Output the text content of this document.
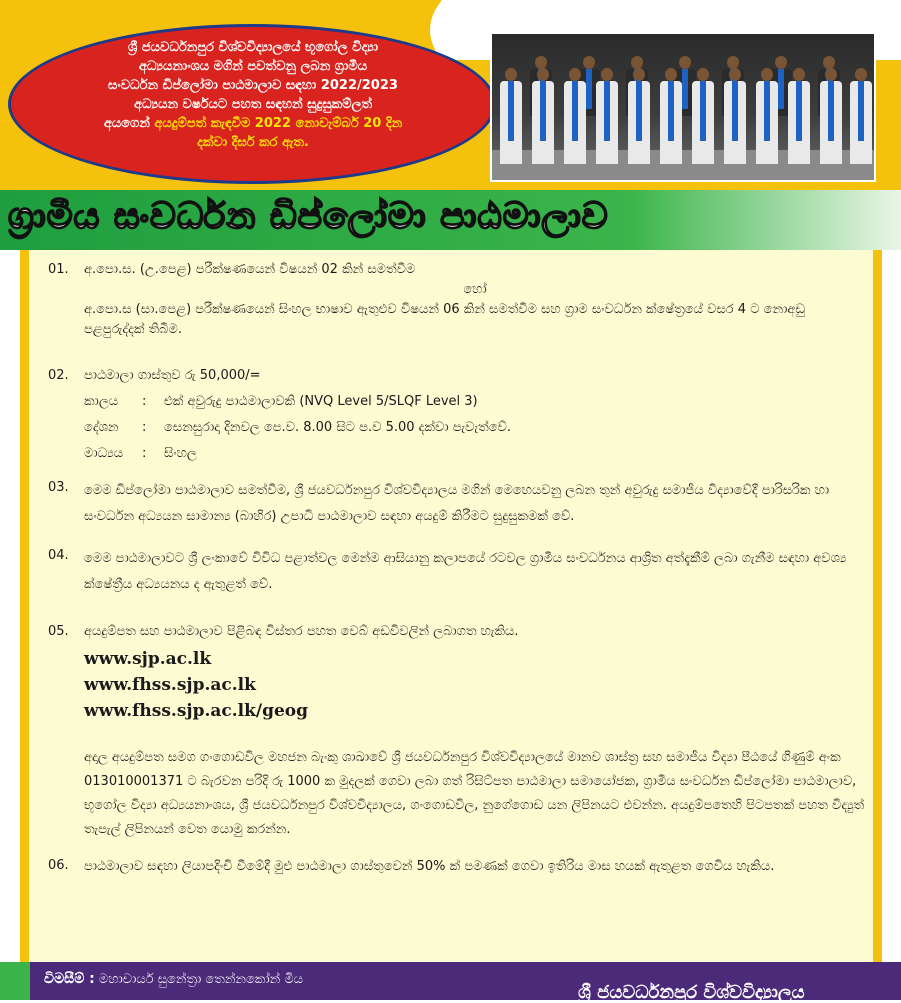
ශ්‍රී ජයවර්ධනපුර විශ්වවිද්‍යාලයේ භූගෝල විද්‍යා
අධ්‍යයනාංශය මගින් පවත්වනු ලබන ග්‍රාමීය
සංවර්ධන ඩිප්ලෝමා පාඨමාලාව සඳහා 2022/2023
අධ්‍යයන වර්ෂයට පහත සඳහන් සුදුසුකම්ලත්
අයගෙන් අයදුම්පත් කැඳවීම 2022 නොවැම්බර් 20 දින
දක්වා දීර්ඝ කර ඇත.
ග්‍රාමීය සංවර්ධන ඩිප්ලෝමා පාඨමාලාව
01. අ.පො.ස. (උ.පෙළ) පරීක්ෂණයෙන් විෂයන් 02 කින් සමත්වීම
හෝ
අ.පො.ස (සා.පෙළ) පරීක්ෂණයෙන් සිංහල භාෂාව ඇතුළුව විෂයන් 06 කින් සමත්වීම සහ ග්‍රාම සංවර්ධන ක්ෂේත්‍රයේ වසර 4 ට නොඅඩු පළපුරුද්දක් තිබීම.
02. පාඨමාලා ගාස්තුව රු 50,000/=
කාලය	:	එක් අවුරුදු පාඨමාලාවකි (NVQ Level 5/SLQF Level 3)
දේශන	:	සෙනසුරාදා දිනවල පෙ.ව. 8.00 සිට ප.ව 5.00 දක්වා පැවැත්වේ.
මාධ්‍යය	:	සිංහල
03. මෙම ඩිප්ලෝමා පාඨමාලාව සමත්වීම, ශ්‍රී ජයවර්ධනපුර විශ්වවිද්‍යාලය මගින් මෙහෙයවනු ලබන තුන් අවුරුදු සමාජීය විද්‍යාවේදී පාරිසරික හා සංවර්ධන අධ්‍යයන සාමාන්‍ය (බාහිර) උපාධි පාඨමාලාව සඳහා අයදුම් කිරීමට සුදුසුකමක් වේ.
04. මෙම පාඨමාලාවට ශ්‍රී ලංකාවේ විවිධ පළාත්වල මෙන්ම ආසියානු කලාපයේ රටවල ග්‍රාමීය සංවර්ධනය ආශ්‍රිත අත්දැකීම් ලබා ගැනීම සඳහා අවශ්‍ය ක්ෂේත්‍රීය අධ්‍යයනය ද ඇතුළත් වේ.
05. අයදුම්පත සහ පාඨමාලාව පිළිබඳ විස්තර පහත වෙබ් අඩවිවලින් ලබාගත හැකිය.
www.sjp.ac.lk
www.fhss.sjp.ac.lk
www.fhss.sjp.ac.lk/geog
අදාල අයදුම්පත සමග ගංගොඩවිල මහජන බැංකු ශාඛාවේ ශ්‍රී ජයවර්ධනපුර විශ්වවිද්‍යාලයේ මානව ශාස්ත්‍ර සහ සමාජීය විද්‍යා පීඨයේ ගිණුම් අංක 013010001371 ට බැරවන පරිදි රු 1000 ක මුදලක් ගෙවා ලබා ගත් රිසිට්පත පාඨමාලා සමායෝජක, ග්‍රාමීය සංවර්ධන ඩිප්ලෝමා පාඨමාලාව, භූගෝල විද්‍යා අධ්‍යයනාංශය, ශ්‍රී ජයවර්ධනපුර විශ්වවිද්‍යාලය, ගංගොඩවිල, නුගේගොඩ යන ලිපිනයට එවන්න. අයදුම්පතෙහි පිටපතක් පහත විද්‍යුත් තැපැල් ලිපිනයන් වෙත යොමු කරන්න.
06. පාඨමාලාව සඳහා ලියාපදිංචි වීමේදී මුළු පාඨමාලා ගාස්තුවෙන් 50% ක් පමණක් ගෙවා ඉතිරිය මාස හයක් ඇතුළත ගෙවිය හැකිය.
විමසීම් : මහාචාර්ය සුනේත්‍රා තෙන්නකෝන් මිය
ශ්‍රී ජයවර්ධනපුර විශ්වවිද්‍යාලය
